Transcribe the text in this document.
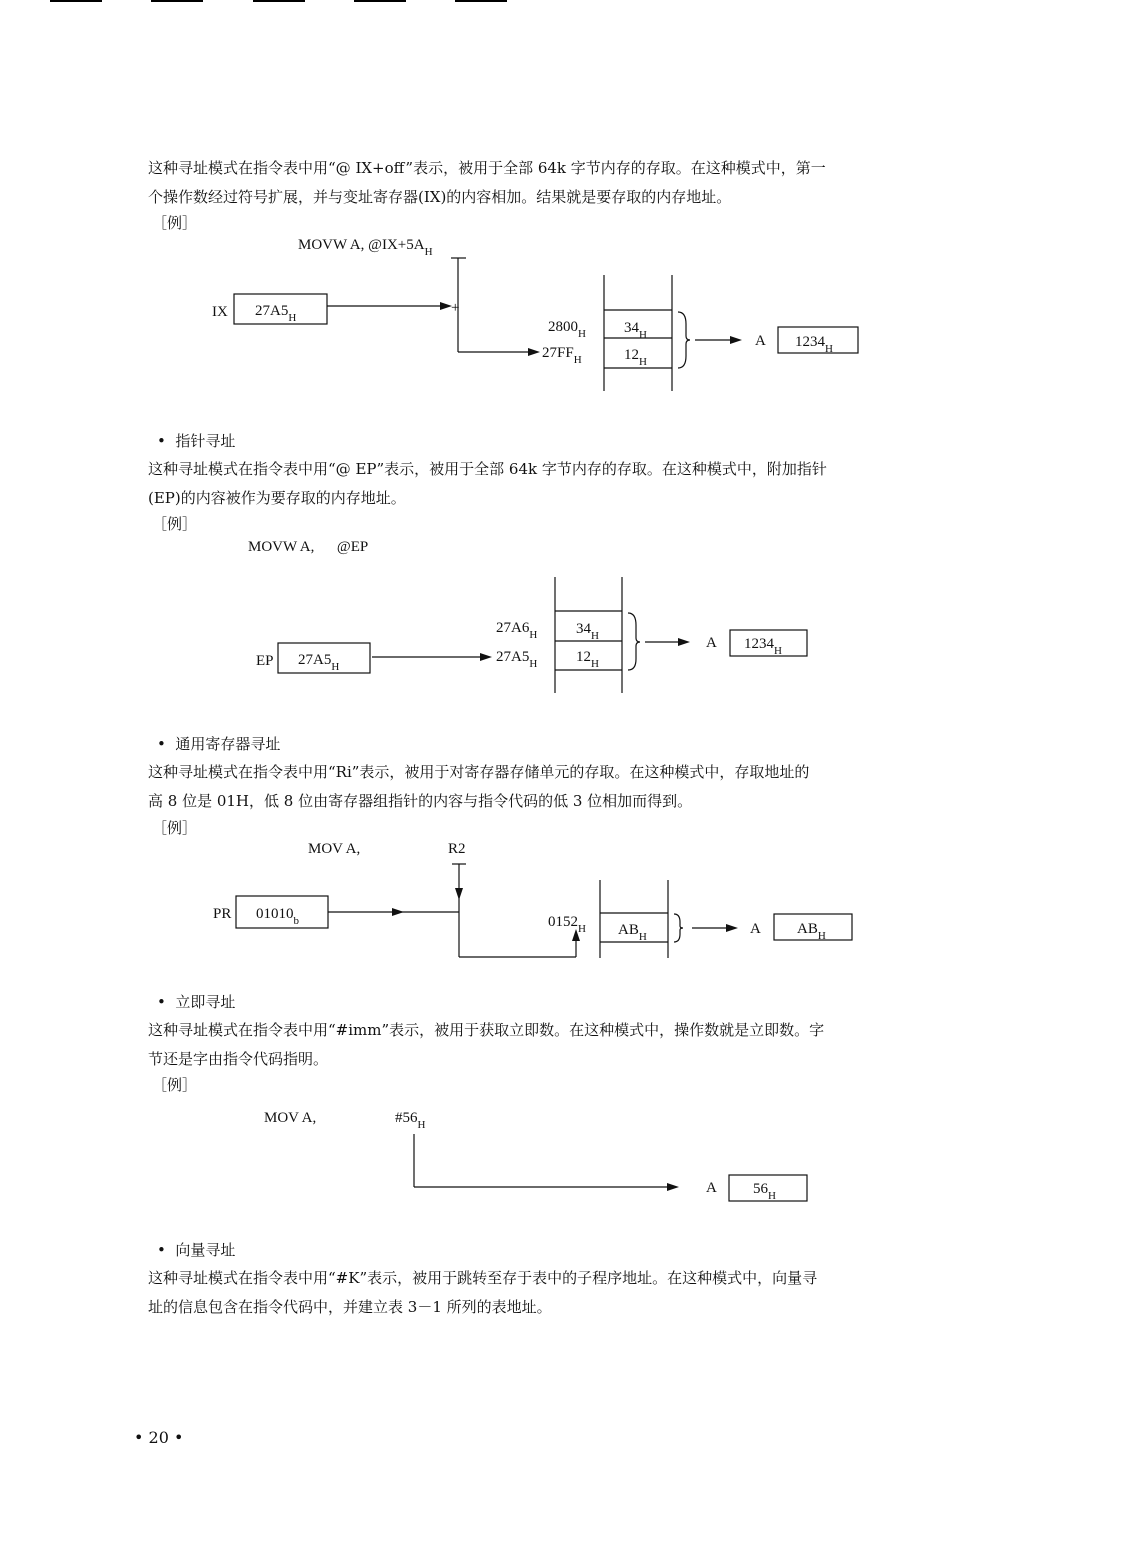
这种寻址模式在指令表中用“@ IX+off”表示，被用于全部 64k 字节内存的存取。在这种模式中，第一
个操作数经过符号扩展，并与变址寄存器(IX)的内容相加。结果就是要存取的内存地址。
［例］
MOVW A, $@IX+5A_H$
IX $27A5_H$
+
$2800_H$
$27FF_H$
$34_H$
$12_H$
A $1234_H$
•  指针寻址
这种寻址模式在指令表中用“@ EP”表示，被用于全部 64k 字节内存的存取。在这种模式中，附加指针
(EP)的内容被作为要存取的内存地址。
［例］
MOVW A,      @EP
EP $27A5_H$
$27A6_H$
$27A5_H$
$34_H$
$12_H$
A $1234_H$
•  通用寄存器寻址
这种寻址模式在指令表中用“Ri”表示，被用于对寄存器存储单元的存取。在这种模式中，存取地址的
高 8 位是 01H，低 8 位由寄存器组指针的内容与指令代码的低 3 位相加而得到。
［例］
MOV A,	R2
PR $01010_b$	$0152_H$ $AB_H$	A $AB_H$
•  立即寻址
这种寻址模式在指令表中用“#imm”表示，被用于获取立即数。在这种模式中，操作数就是立即数。字
节还是字由指令代码指明。
［例］
MOV A,	$\#56_H$
A $56_H$
•  向量寻址
这种寻址模式在指令表中用“#K”表示，被用于跳转至存于表中的子程序地址。在这种模式中，向量寻
址的信息包含在指令代码中，并建立表 3－1 所列的表地址。
• 20 •
